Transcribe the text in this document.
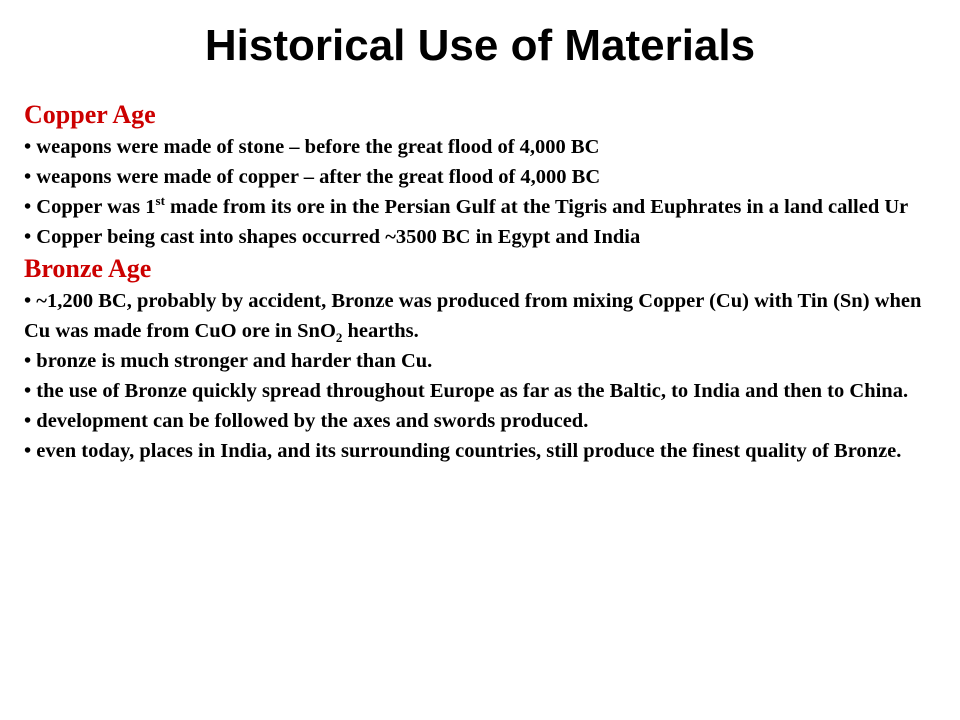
Historical Use of Materials

Copper Age

• weapons were made of stone – before the great flood of 4,000 BC

• weapons were made of copper – after the great flood of 4,000 BC

• Copper was 1st made from its ore in the Persian Gulf at the Tigris and Euphrates in a land called Ur

• Copper being cast into shapes occurred ~3500 BC in Egypt and India

Bronze Age

• ~1,200 BC, probably by accident, Bronze was produced from mixing Copper (Cu) with Tin (Sn) when Cu was made from CuO ore in SnO$_2$ hearths.

• bronze is much stronger and harder than Cu.

• the use of Bronze quickly spread throughout Europe as far as the Baltic, to India and then to China.

• development can be followed by the axes and swords produced.

• even today, places in India, and its surrounding countries, still produce the finest quality of Bronze.
